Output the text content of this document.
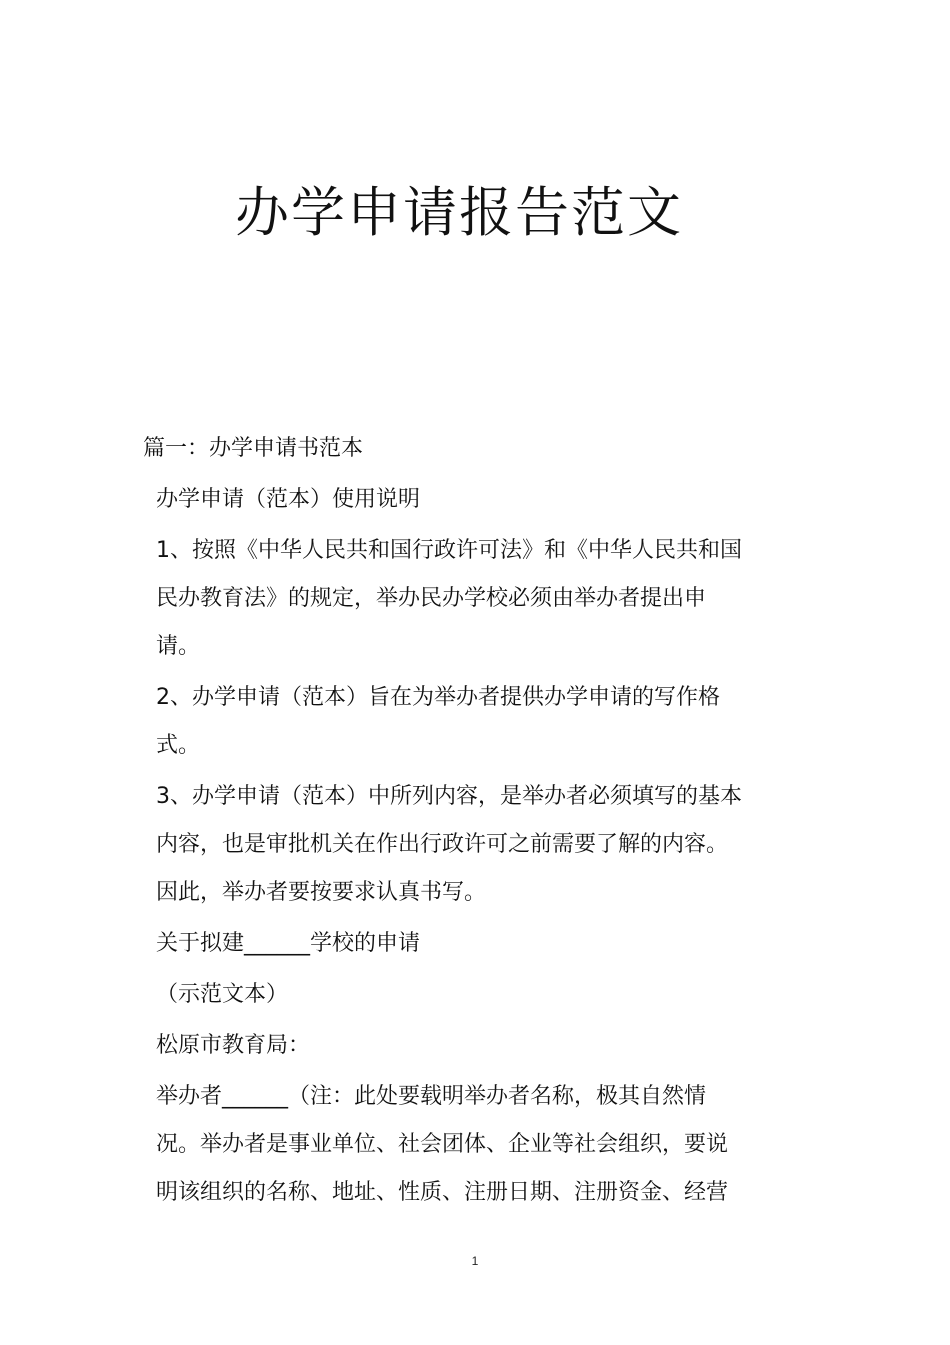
办学申请报告范文

篇一：办学申请书范本

办学申请（范本）使用说明

1、按照《中华人民共和国行政许可法》和《中华人民共和国民办教育法》的规定，举办民办学校必须由举办者提出申请。

2、办学申请（范本）旨在为举办者提供办学申请的写作格式。

3、办学申请（范本）中所列内容，是举办者必须填写的基本内容，也是审批机关在作出行政许可之前需要了解的内容。因此，举办者要按要求认真书写。

关于拟建______学校的申请

（示范文本）

松原市教育局：

举办者______（注：此处要载明举办者名称，极其自然情况。举办者是事业单位、社会团体、企业等社会组织，要说明该组织的名称、地址、性质、注册日期、注册资金、经营

1
